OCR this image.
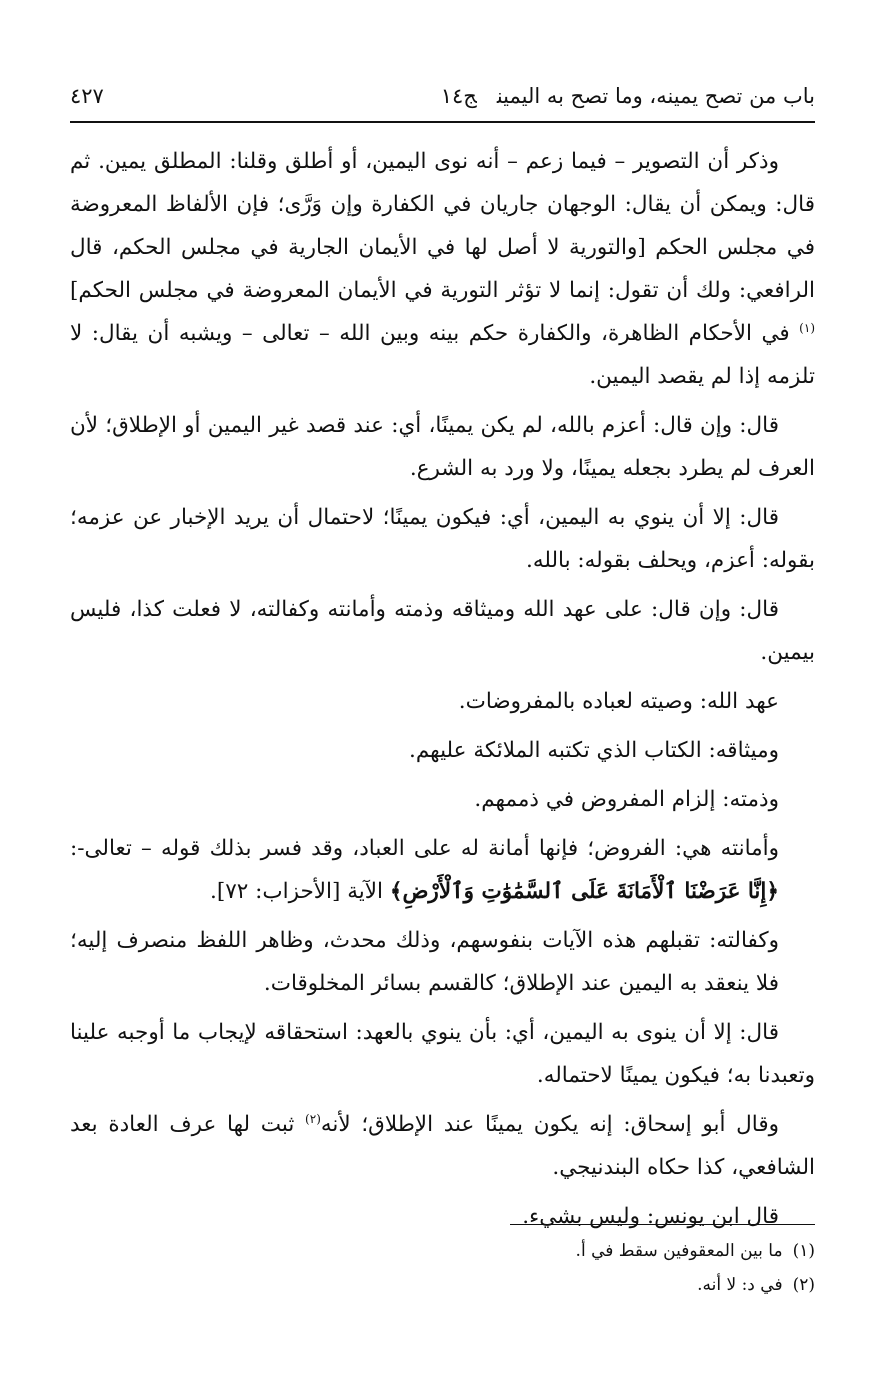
باب من تصح يمينه، وما تصح به اليمينج١٤
٤٢٧

وذكر أن التصوير – فيما زعم – أنه نوى اليمين، أو أطلق وقلنا: المطلق يمين. ثم قال: ويمكن أن يقال: الوجهان جاريان في الكفارة وإن وَرَّى؛ فإن الألفاظ المعروضة في مجلس الحكم [والتورية لا أصل لها في الأيمان الجارية في مجلس الحكم، قال الرافعي: ولك أن تقول: إنما لا تؤثر التورية في الأيمان المعروضة في مجلس الحكم]$^{(١)}$ في الأحكام الظاهرة، والكفارة حكم بينه وبين الله – تعالى – ويشبه أن يقال: لا تلزمه إذا لم يقصد اليمين.

قال: وإن قال: أعزم بالله، لم يكن يمينًا، أي: عند قصد غير اليمين أو الإطلاق؛ لأن العرف لم يطرد بجعله يمينًا، ولا ورد به الشرع.

قال: إلا أن ينوي به اليمين، أي: فيكون يمينًا؛ لاحتمال أن يريد الإخبار عن عزمه؛ بقوله: أعزم، ويحلف بقوله: بالله.

قال: وإن قال: على عهد الله وميثاقه وذمته وأمانته وكفالته، لا فعلت كذا، فليس بيمين.

عهد الله: وصيته لعباده بالمفروضات.

وميثاقه: الكتاب الذي تكتبه الملائكة عليهم.

وذمته: إلزام المفروض في ذممهم.

وأمانته هي: الفروض؛ فإنها أمانة له على العباد، وقد فسر بذلك قوله – تعالى-: ﴿إِنَّا عَرَضْنَا ٱلْأَمَانَةَ عَلَى ٱلسَّمَٰوَٰتِ وَٱلْأَرْضِ﴾ الآية [الأحزاب: ٧٢].

وكفالته: تقبلهم هذه الآيات بنفوسهم، وذلك محدث، وظاهر اللفظ منصرف إليه؛ فلا ينعقد به اليمين عند الإطلاق؛ كالقسم بسائر المخلوقات.

قال: إلا أن ينوى به اليمين، أي: بأن ينوي بالعهد: استحقاقه لإيجاب ما أوجبه علينا وتعبدنا به؛ فيكون يمينًا لاحتماله.

وقال أبو إسحاق: إنه يكون يمينًا عند الإطلاق؛ لأنه$^{(٢)}$ ثبت لها عرف العادة بعد الشافعي، كذا حكاه البندنيجي.

قال ابن يونس: وليس بشيء.

(١)ما بين المعقوفين سقط في أ.

(٢)في د: لا أنه.
